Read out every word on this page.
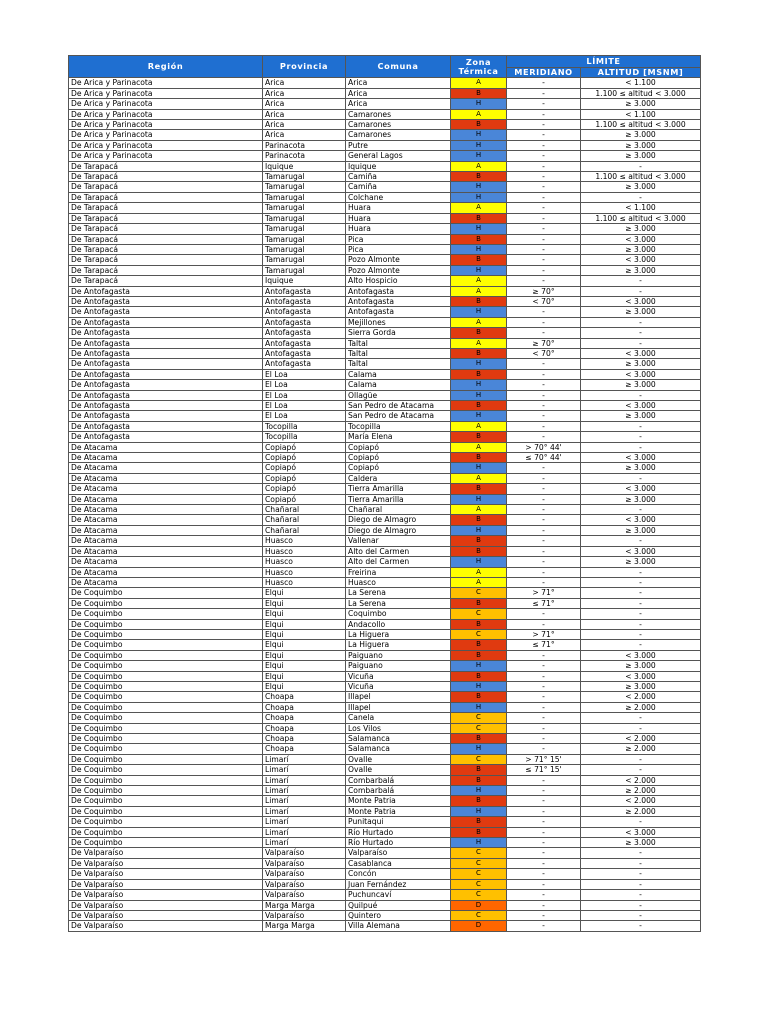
Región	Provincia	Comuna	Zona Térmica	LÍMITE	
				MERIDIANO	ALTITUD [MSNM]
De Arica y Parinacota	Arica	Arica	A	-	< 1.100
De Arica y Parinacota	Arica	Arica	B	-	1.100 ≤ altitud < 3.000
De Arica y Parinacota	Arica	Arica	H	-	≥ 3.000
De Arica y Parinacota	Arica	Camarones	A	-	< 1.100
De Arica y Parinacota	Arica	Camarones	B	-	1.100 ≤ altitud < 3.000
De Arica y Parinacota	Arica	Camarones	H	-	≥ 3.000
De Arica y Parinacota	Parinacota	Putre	H	-	≥ 3.000
De Arica y Parinacota	Parinacota	General Lagos	H	-	≥ 3.000
De Tarapacá	Iquique	Iquique	A	-	-
De Tarapacá	Tamarugal	Camiña	B	-	1.100 ≤ altitud < 3.000
De Tarapacá	Tamarugal	Camiña	H	-	≥ 3.000
De Tarapacá	Tamarugal	Colchane	H	-	-
De Tarapacá	Tamarugal	Huara	A	-	< 1.100
De Tarapacá	Tamarugal	Huara	B	-	1.100 ≤ altitud < 3.000
De Tarapacá	Tamarugal	Huara	H	-	≥ 3.000
De Tarapacá	Tamarugal	Pica	B	-	< 3.000
De Tarapacá	Tamarugal	Pica	H	-	≥ 3.000
De Tarapacá	Tamarugal	Pozo Almonte	B	-	< 3.000
De Tarapacá	Tamarugal	Pozo Almonte	H	-	≥ 3.000
De Tarapacá	Iquique	Alto Hospicio	A	-	-
De Antofagasta	Antofagasta	Antofagasta	A	≥ 70°	-
De Antofagasta	Antofagasta	Antofagasta	B	< 70°	< 3.000
De Antofagasta	Antofagasta	Antofagasta	H	-	≥ 3.000
De Antofagasta	Antofagasta	Mejillones	A	-	-
De Antofagasta	Antofagasta	Sierra Gorda	B	-	-
De Antofagasta	Antofagasta	Taltal	A	≥ 70°	-
De Antofagasta	Antofagasta	Taltal	B	< 70°	< 3.000
De Antofagasta	Antofagasta	Taltal	H	-	≥ 3.000
De Antofagasta	El Loa	Calama	B	-	< 3.000
De Antofagasta	El Loa	Calama	H	-	≥ 3.000
De Antofagasta	El Loa	Ollagüe	H	-	-
De Antofagasta	El Loa	San Pedro de Atacama	B	-	< 3.000
De Antofagasta	El Loa	San Pedro de Atacama	H	-	≥ 3.000
De Antofagasta	Tocopilla	Tocopilla	A	-	-
De Antofagasta	Tocopilla	María Elena	B	-	-
De Atacama	Copiapó	Copiapó	A	> 70° 44'	-
De Atacama	Copiapó	Copiapó	B	≤ 70° 44'	< 3.000
De Atacama	Copiapó	Copiapó	H	-	≥ 3.000
De Atacama	Copiapó	Caldera	A	-	-
De Atacama	Copiapó	Tierra Amarilla	B	-	< 3.000
De Atacama	Copiapó	Tierra Amarilla	H	-	≥ 3.000
De Atacama	Chañaral	Chañaral	A	-	-
De Atacama	Chañaral	Diego de Almagro	B	-	< 3.000
De Atacama	Chañaral	Diego de Almagro	H	-	≥ 3.000
De Atacama	Huasco	Vallenar	B	-	-
De Atacama	Huasco	Alto del Carmen	B	-	< 3.000
De Atacama	Huasco	Alto del Carmen	H	-	≥ 3.000
De Atacama	Huasco	Freirina	A	-	-
De Atacama	Huasco	Huasco	A	-	-
De Coquimbo	Elqui	La Serena	C	> 71°	-
De Coquimbo	Elqui	La Serena	B	≤ 71°	-
De Coquimbo	Elqui	Coquimbo	C	-	-
De Coquimbo	Elqui	Andacollo	B	-	-
De Coquimbo	Elqui	La Higuera	C	> 71°	-
De Coquimbo	Elqui	La Higuera	B	≤ 71°	-
De Coquimbo	Elqui	Paiguano	B	-	< 3.000
De Coquimbo	Elqui	Paiguano	H	-	≥ 3.000
De Coquimbo	Elqui	Vicuña	B	-	< 3.000
De Coquimbo	Elqui	Vicuña	H	-	≥ 3.000
De Coquimbo	Choapa	Illapel	B	-	< 2.000
De Coquimbo	Choapa	Illapel	H	-	≥ 2.000
De Coquimbo	Choapa	Canela	C	-	-
De Coquimbo	Choapa	Los Vilos	C	-	-
De Coquimbo	Choapa	Salamanca	B	-	< 2.000
De Coquimbo	Choapa	Salamanca	H	-	≥ 2.000
De Coquimbo	Limarí	Ovalle	C	> 71° 15'	-
De Coquimbo	Limarí	Ovalle	B	≤ 71° 15'	-
De Coquimbo	Limarí	Combarbalá	B	-	< 2.000
De Coquimbo	Limarí	Combarbalá	H	-	≥ 2.000
De Coquimbo	Limarí	Monte Patria	B	-	< 2.000
De Coquimbo	Limarí	Monte Patria	H	-	≥ 2.000
De Coquimbo	Limarí	Punitaqui	B	-	-
De Coquimbo	Limarí	Río Hurtado	B	-	< 3.000
De Coquimbo	Limarí	Río Hurtado	H	-	≥ 3.000
De Valparaíso	Valparaíso	Valparaíso	C	-	-
De Valparaíso	Valparaíso	Casablanca	C	-	-
De Valparaíso	Valparaíso	Concón	C	-	-
De Valparaíso	Valparaíso	Juan Fernández	C	-	-
De Valparaíso	Valparaíso	Puchuncaví	C	-	-
De Valparaíso	Marga Marga	Quilpué	D	-	-
De Valparaíso	Valparaíso	Quintero	C	-	-
De Valparaíso	Marga Marga	Villa Alemana	D	-	-
